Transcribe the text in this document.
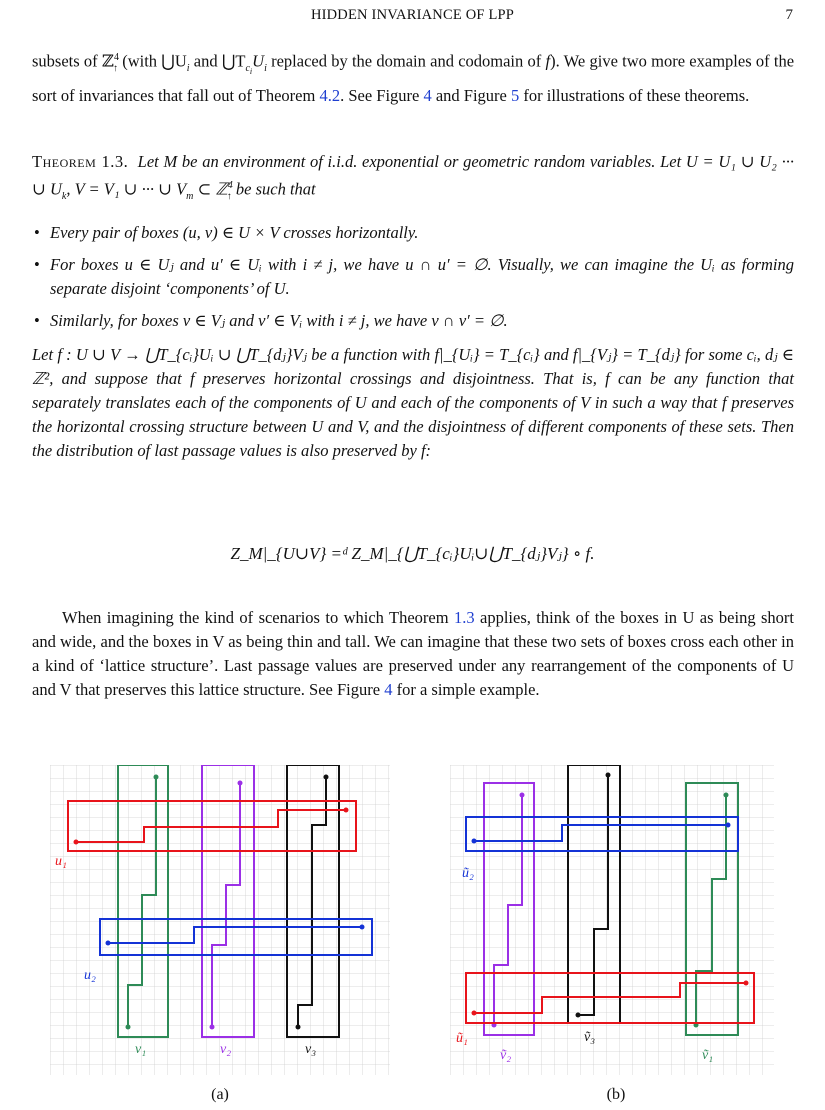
HIDDEN INVARIANCE OF LPP	7

subsets of ℤ$^4_↑$ (with $⋃U_i$ and $⋃T_{c_i}U_i$ replaced by the domain and codomain of f). We give two more examples of the sort of invariances that fall out of Theorem 4.2. See Figure 4 and Figure 5 for illustrations of these theorems.

Theorem 1.3. Let M be an environment of i.i.d. exponential or geometric random variables. Let U = U₁ ∪ U₂ ··· ∪ $U_k$, V = V₁ ∪ ··· ∪ $V_m$ ⊂ ℤ$^4_↑$ be such that

• Every pair of boxes (u, v) ∈ U × V crosses horizontally.
• For boxes u ∈ Uⱼ and u′ ∈ Uᵢ with i ≠ j, we have u ∩ u′ = ∅. Visually, we can imagine the Uᵢ as forming separate disjoint ‘components’ of U.
• Similarly, for boxes v ∈ Vⱼ and v′ ∈ Vᵢ with i ≠ j, we have v ∩ v′ = ∅.

Let f : U ∪ V → ⋃T_{cᵢ}Uᵢ ∪ ⋃T_{dⱼ}Vⱼ be a function with f|_{Uᵢ} = T_{cᵢ} and f|_{Vⱼ} = T_{dⱼ} for some cᵢ, dⱼ ∈ ℤ², and suppose that f preserves horizontal crossings and disjointness. That is, f can be any function that separately translates each of the components of U and each of the components of V in such a way that f preserves the horizontal crossing structure between U and V, and the disjointness of different components of these sets. Then the distribution of last passage values is also preserved by f:

Z_M|_{U∪V} =ᵈ Z_M|_{⋃T_{cᵢ}Uᵢ∪⋃T_{dⱼ}Vⱼ} ∘ f.

When imagining the kind of scenarios to which Theorem 1.3 applies, think of the boxes in U as being short and wide, and the boxes in V as being thin and tall. We can imagine that these two sets of boxes cross each other in a kind of ‘lattice structure’. Last passage values are preserved under any rearrangement of the components of U and V that preserves this lattice structure. See Figure 4 for a simple example.

u₁
u₂
v₁	v₂	v₃
(a)
ũ₁
ũ₂
ṽ₂
ṽ₃
ṽ₁
(b)
